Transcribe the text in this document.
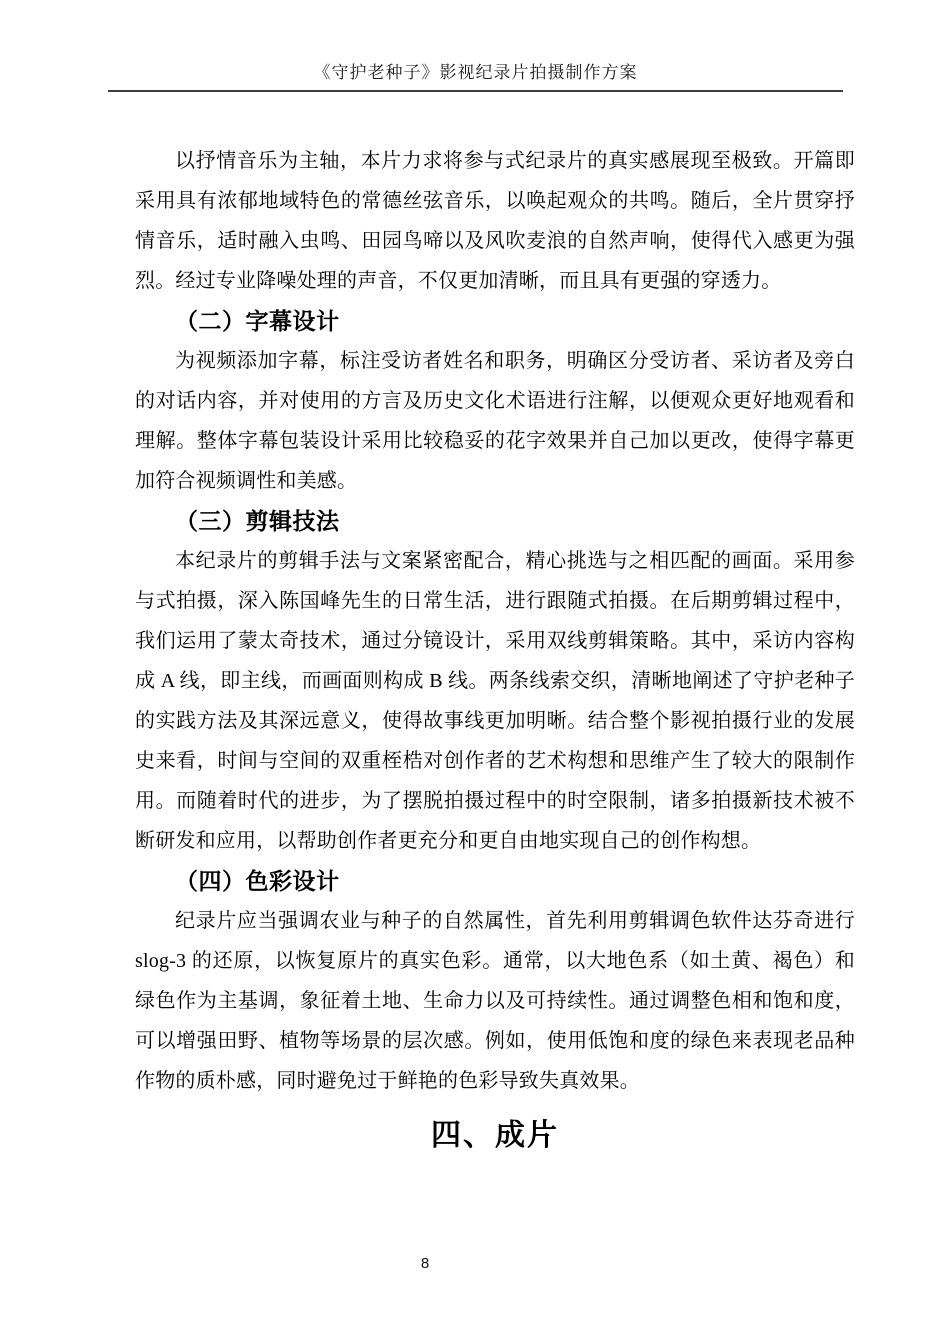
《守护老种子》影视纪录片拍摄制作方案

以抒情音乐为主轴，本片力求将参与式纪录片的真实感展现至极致。开篇即采用具有浓郁地域特色的常德丝弦音乐，以唤起观众的共鸣。随后，全片贯穿抒情音乐，适时融入虫鸣、田园鸟啼以及风吹麦浪的自然声响，使得代入感更为强烈。经过专业降噪处理的声音，不仅更加清晰，而且具有更强的穿透力。

（二）字幕设计

为视频添加字幕，标注受访者姓名和职务，明确区分受访者、采访者及旁白的对话内容，并对使用的方言及历史文化术语进行注解，以便观众更好地观看和理解。整体字幕包装设计采用比较稳妥的花字效果并自己加以更改，使得字幕更加符合视频调性和美感。

（三）剪辑技法

本纪录片的剪辑手法与文案紧密配合，精心挑选与之相匹配的画面。采用参与式拍摄，深入陈国峰先生的日常生活，进行跟随式拍摄。在后期剪辑过程中，我们运用了蒙太奇技术，通过分镜设计，采用双线剪辑策略。其中，采访内容构成 A 线，即主线，而画面则构成 B 线。两条线索交织，清晰地阐述了守护老种子的实践方法及其深远意义，使得故事线更加明晰。结合整个影视拍摄行业的发展史来看，时间与空间的双重桎梏对创作者的艺术构想和思维产生了较大的限制作用。而随着时代的进步，为了摆脱拍摄过程中的时空限制，诸多拍摄新技术被不断研发和应用，以帮助创作者更充分和更自由地实现自己的创作构想。

（四）色彩设计

纪录片应当强调农业与种子的自然属性，首先利用剪辑调色软件达芬奇进行 slog-3 的还原，以恢复原片的真实色彩。通常，以大地色系（如土黄、褐色）和绿色作为主基调，象征着土地、生命力以及可持续性。通过调整色相和饱和度，可以增强田野、植物等场景的层次感。例如，使用低饱和度的绿色来表现老品种作物的质朴感，同时避免过于鲜艳的色彩导致失真效果。

四、成片
8
